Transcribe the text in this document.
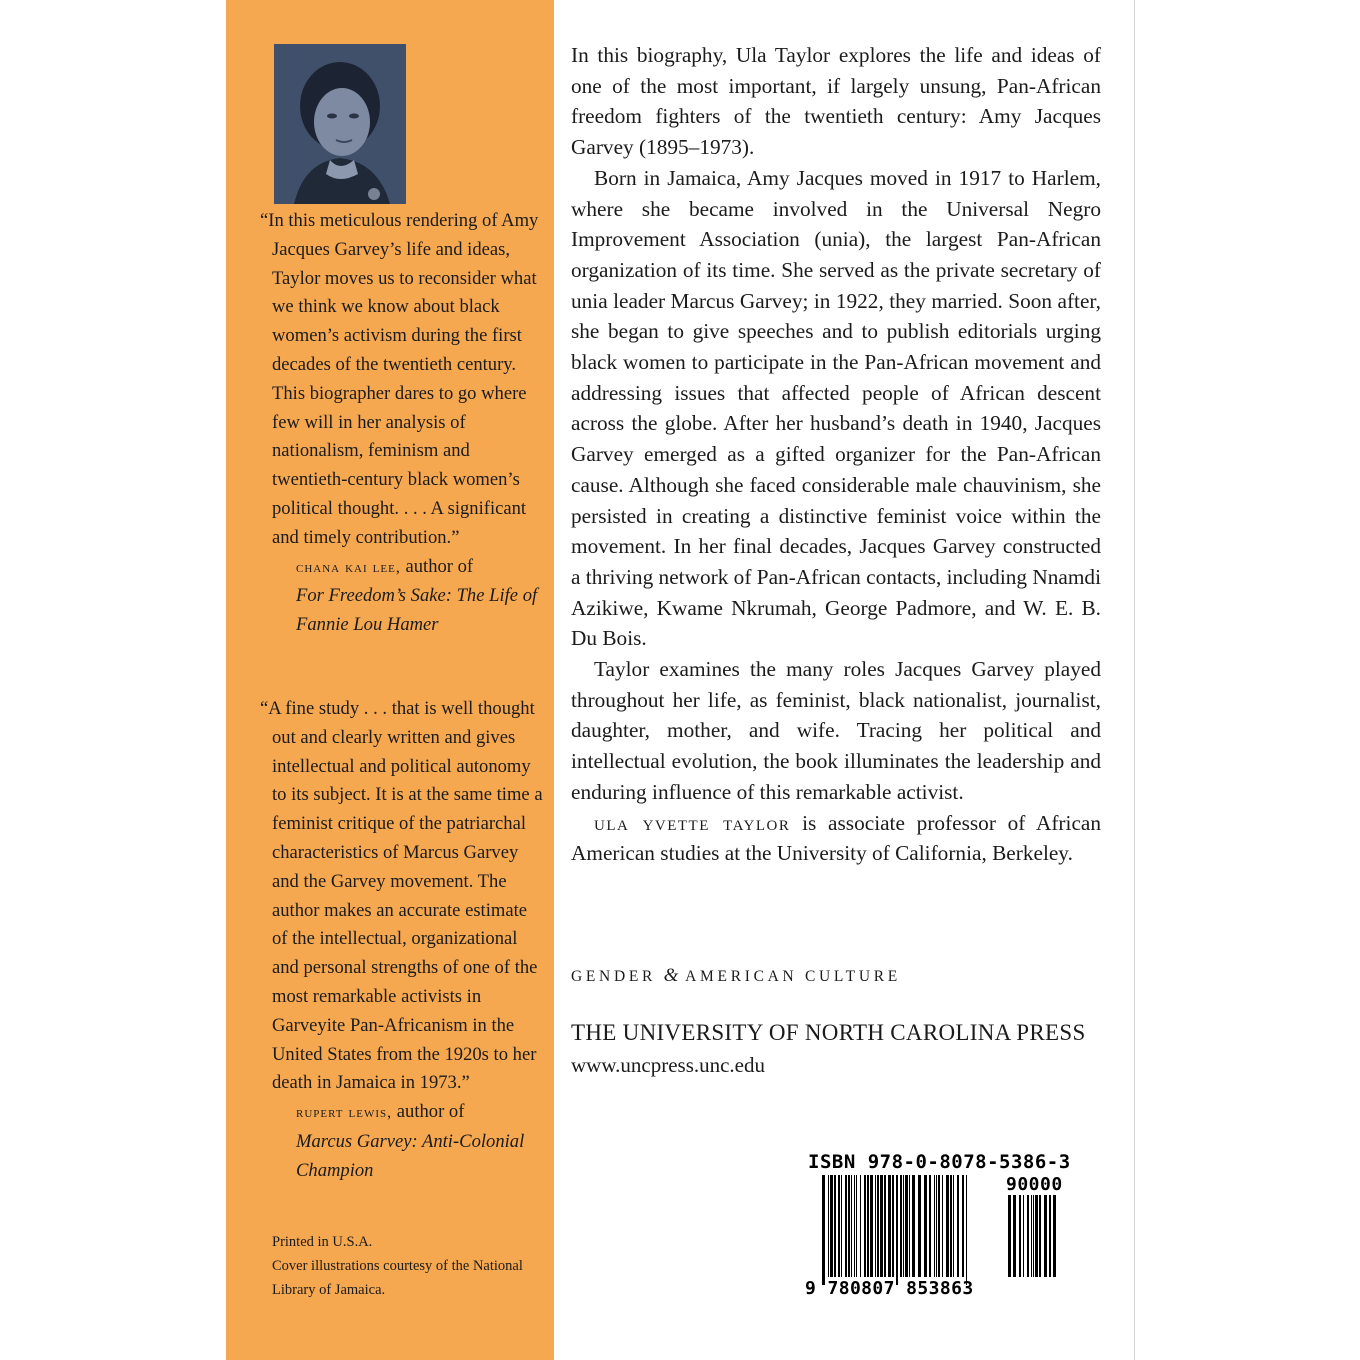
“In this meticulous rendering of Amy Jacques Garvey’s life and ideas, Taylor moves us to reconsider what we think we know about black women’s activism during the first decades of the twentieth century. This biographer dares to go where few will in her analysis of nationalism, feminism and twentieth-century black women’s political thought. . . . A significant and timely contribution.”

chana kai lee, author of
For Freedom’s Sake: The Life of Fannie Lou Hamer

“A fine study . . . that is well thought out and clearly written and gives intellectual and political autonomy to its subject. It is at the same time a feminist critique of the patriarchal characteristics of Marcus Garvey and the Garvey movement. The author makes an accurate estimate of the intellectual, organizational and personal strengths of one of the most remarkable activists in Garveyite Pan-Africanism in the United States from the 1920s to her death in Jamaica in 1973.”

rupert lewis, author of
Marcus Garvey: Anti-Colonial Champion
Printed in U.S.A.
Cover illustrations courtesy of the National Library of Jamaica.

In this biography, Ula Taylor explores the life and ideas of one of the most important, if largely unsung, Pan-African freedom fighters of the twentieth century: Amy Jacques Garvey (1895–1973).

Born in Jamaica, Amy Jacques moved in 1917 to Harlem, where she became involved in the Universal Negro Improvement Association (unia), the largest Pan-African organization of its time. She served as the private secretary of unia leader Marcus Garvey; in 1922, they married. Soon after, she began to give speeches and to publish editorials urging black women to participate in the Pan-African movement and addressing issues that affected people of African descent across the globe. After her husband’s death in 1940, Jacques Garvey emerged as a gifted organizer for the Pan-African cause. Although she faced considerable male chauvinism, she persisted in creating a distinctive feminist voice within the movement. In her final decades, Jacques Garvey constructed a thriving network of Pan-African contacts, including Nnamdi Azikiwe, Kwame Nkrumah, George Padmore, and W. E. B. Du Bois.

Taylor examines the many roles Jacques Garvey played throughout her life, as feminist, black nationalist, journalist, daughter, mother, and wife. Tracing her political and intellectual evolution, the book illuminates the leadership and enduring influence of this remarkable activist.

ula yvette taylor is associate professor of African American studies at the University of California, Berkeley.

GENDER & AMERICAN CULTURE
THE UNIVERSITY OF NORTH CAROLINA PRESS
www.uncpress.unc.edu
ISBN 978-0-8078-5386-3
90000
9 780807 853863
